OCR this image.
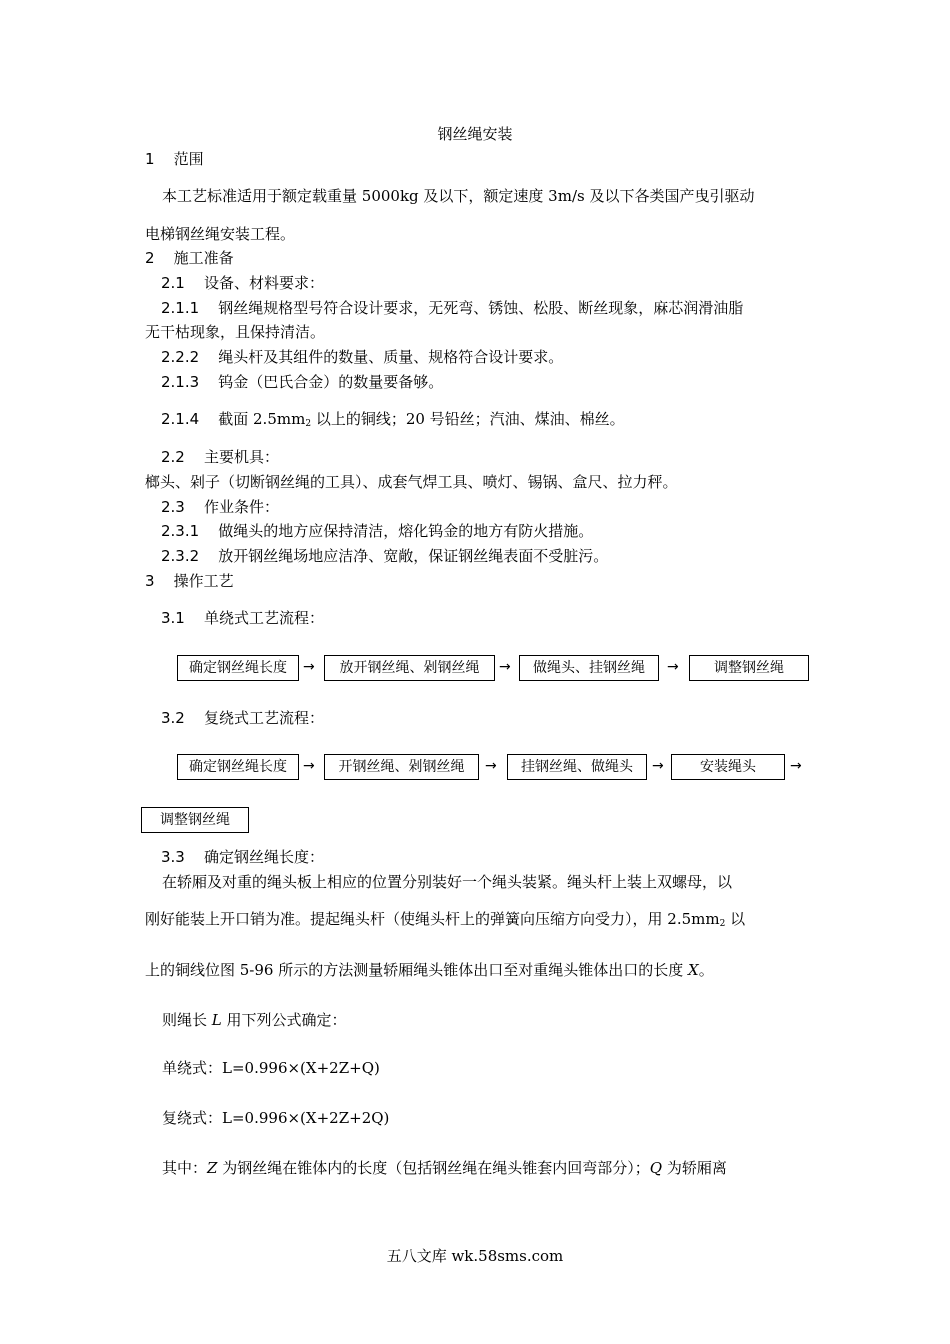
钢丝绳安装
1 范围
本工艺标准适用于额定载重量 5000kg 及以下，额定速度 3m/s 及以下各类国产曳引驱动
电梯钢丝绳安装工程。
2 施工准备
2.1 设备、材料要求：
2.1.1 钢丝绳规格型号符合设计要求，无死弯、锈蚀、松股、断丝现象，麻芯润滑油脂
无干枯现象，且保持清洁。
2.2.2 绳头杆及其组件的数量、质量、规格符合设计要求。
2.1.3 钨金（巴氏合金）的数量要备够。
2.1.4 截面 $2.5mm_2$ 以上的铜线；20 号铅丝；汽油、煤油、棉丝。
2.2 主要机具：
榔头、剁子（切断钢丝绳的工具）、成套气焊工具、喷灯、锡锅、盒尺、拉力秤。
2.3 作业条件：
2.3.1 做绳头的地方应保持清洁，熔化钨金的地方有防火措施。
2.3.2 放开钢丝绳场地应洁净、宽敞，保证钢丝绳表面不受脏污。
3 操作工艺
3.1 单绕式工艺流程：
确定钢丝绳长度	→	放开钢丝绳、剁钢丝绳	→	做绳头、挂钢丝绳	→	调整钢丝绳
3.2 复绕式工艺流程：
确定钢丝绳长度	→	开钢丝绳、剁钢丝绳	→	挂钢丝绳、做绳头	→	安装绳头	→
调整钢丝绳
3.3 确定钢丝绳长度：
在轿厢及对重的绳头板上相应的位置分别装好一个绳头装紧。绳头杆上装上双螺母，以
刚好能装上开口销为准。提起绳头杆（使绳头杆上的弹簧向压缩方向受力），用 $2.5mm_2$ 以
上的铜线位图 5-96 所示的方法测量轿厢绳头锥体出口至对重绳头锥体出口的长度 X。
则绳长 L 用下列公式确定：
单绕式：L=0.996×(X+2Z+Q)
复绕式：L=0.996×(X+2Z+2Q)
其中：Z 为钢丝绳在锥体内的长度（包括钢丝绳在绳头锥套内回弯部分）；Q 为轿厢离
五八文库 wk.58sms.com
